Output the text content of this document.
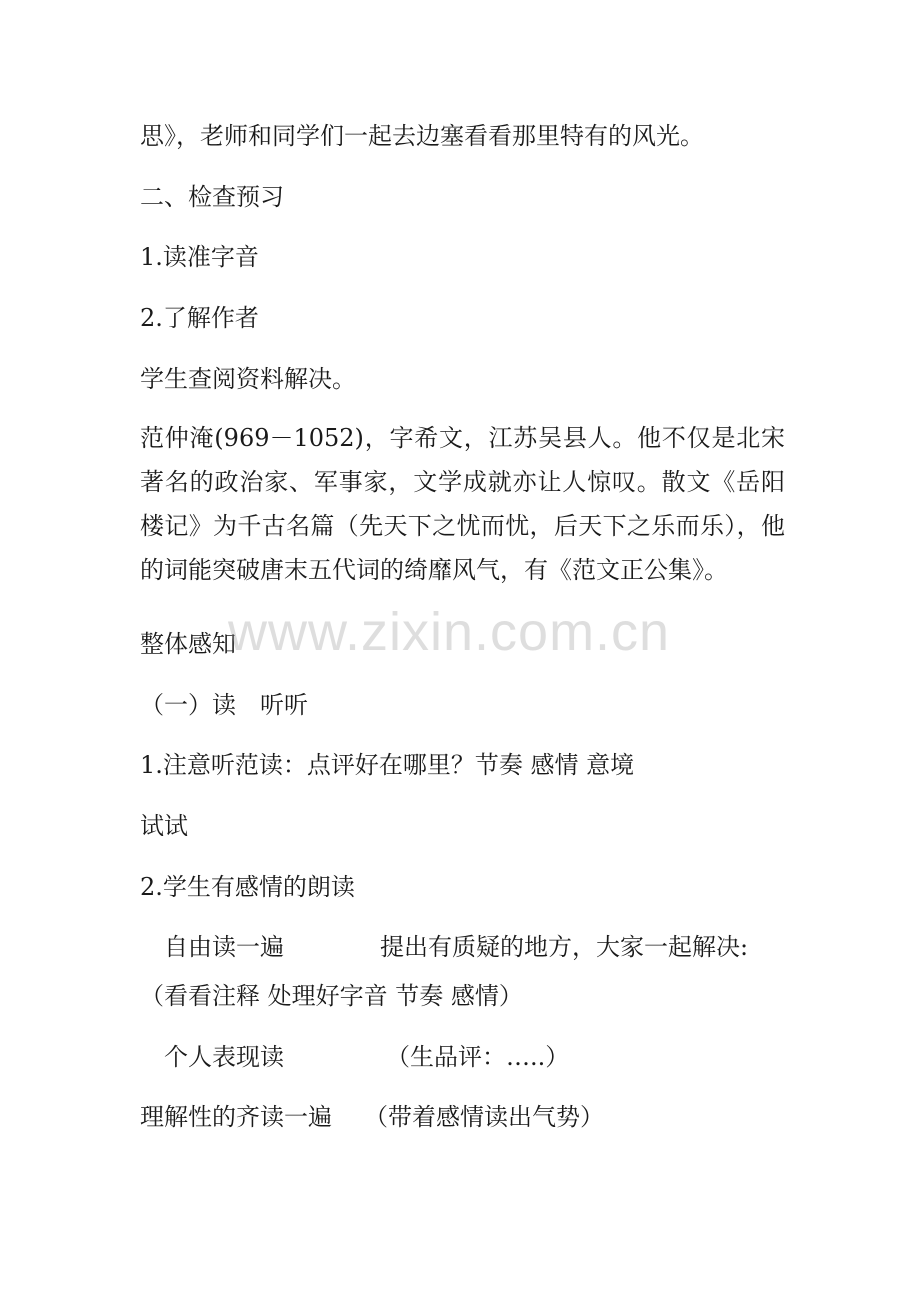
思》，老师和同学们一起去边塞看看那里特有的风光。
二、检查预习
1.读准字音
2.了解作者
学生查阅资料解决。
范仲淹(969－1052)，字希文，江苏吴县人。他不仅是北宋著名的政治家、军事家，文学成就亦让人惊叹。散文《岳阳楼记》为千古名篇（先天下之忧而忧，后天下之乐而乐），他的词能突破唐末五代词的绮靡风气，有《范文正公集》。
整体感知
（一）读　听听
1.注意听范读：点评好在哪里？节奏 感情 意境
试试
2.学生有感情的朗读
自由读一遍	提出有质疑的地方，大家一起解决:
（看看注释 处理好字音 节奏 感情）
个人表现读	（生品评：…..）
理解性的齐读一遍 （带着感情读出气势）
www.zixin.com.cn
